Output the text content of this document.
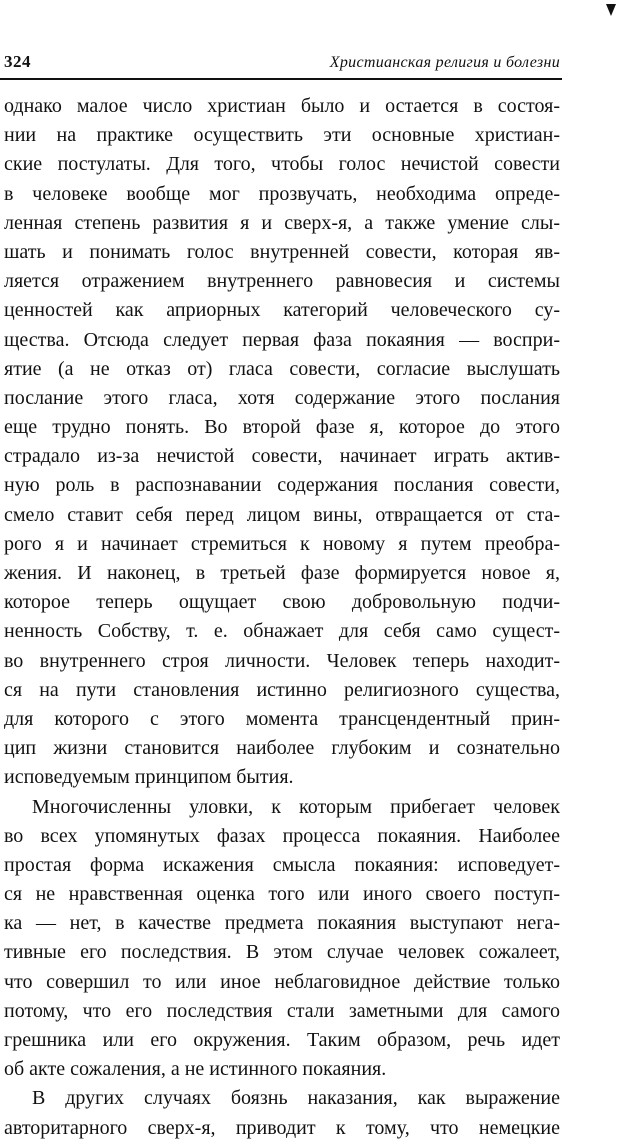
324	Христианская религия и болезни
однако малое число христиан было и остается в состоя-
нии на практике осуществить эти основные христиан-
ские постулаты. Для того, чтобы голос нечистой совести
в человеке вообще мог прозвучать, необходима опреде-
ленная степень развития я и сверх-я, а также умение слы-
шать и понимать голос внутренней совести, которая яв-
ляется отражением внутреннего равновесия и системы
ценностей как априорных категорий человеческого су-
щества. Отсюда следует первая фаза покаяния — воспри-
ятие (а не отказ от) гласа совести, согласие выслушать
послание этого гласа, хотя содержание этого послания
еще трудно понять. Во второй фазе я, которое до этого
страдало из-за нечистой совести, начинает играть актив-
ную роль в распознавании содержания послания совести,
смело ставит себя перед лицом вины, отвращается от ста-
рого я и начинает стремиться к новому я путем преобра-
жения. И наконец, в третьей фазе формируется новое я,
которое теперь ощущает свою добровольную подчи-
ненность Собству, т. е. обнажает для себя само сущест-
во внутреннего строя личности. Человек теперь находит-
ся на пути становления истинно религиозного существа,
для которого с этого момента трансцендентный прин-
цип жизни становится наиболее глубоким и сознательно
исповедуемым принципом бытия.
Многочисленны уловки, к которым прибегает человек
во всех упомянутых фазах процесса покаяния. Наиболее
простая форма искажения смысла покаяния: исповедует-
ся не нравственная оценка того или иного своего поступ-
ка — нет, в качестве предмета покаяния выступают нега-
тивные его последствия. В этом случае человек сожалеет,
что совершил то или иное неблаговидное действие только
потому, что его последствия стали заметными для самого
грешника или его окружения. Таким образом, речь идет
об акте сожаления, а не истинного покаяния.
В других случаях боязнь наказания, как выражение
авторитарного сверх-я, приводит к тому, что немецкие
